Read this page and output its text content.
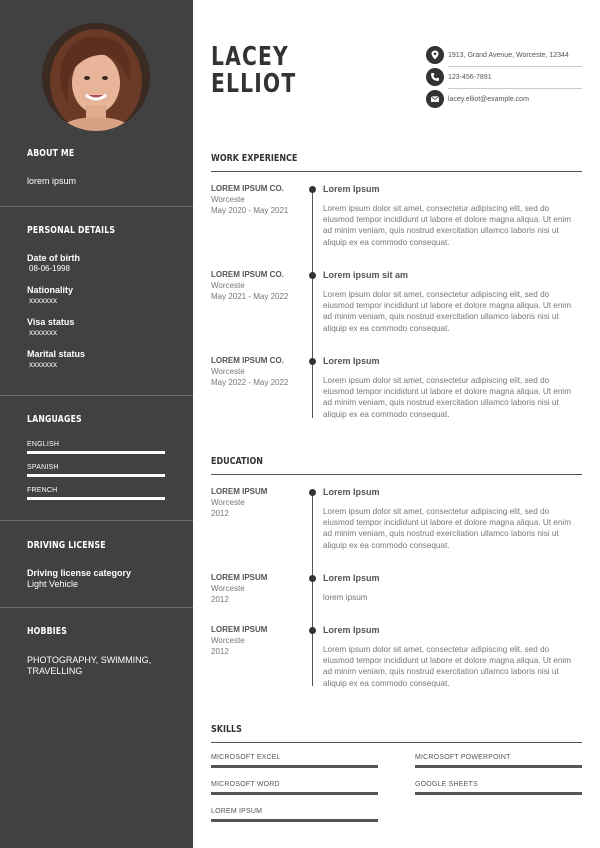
ABOUT ME
lorem ipsum
PERSONAL DETAILS
Date of birth
08-06-1998
Nationality
xxxxxxx
Visa status
xxxxxxx
Marital status
xxxxxxx
LANGUAGES
ENGLISH
SPANISH
FRENCH
DRIVING LICENSE
Driving license category
Light Vehicle
HOBBIES
PHOTOGRAPHY, SWIMMING, TRAVELLING
LACEY
ELLIOT
1913, Grand Avenue, Worceste, 12344
123-456-7891
lacey.elliot@example.com
WORK EXPERIENCE
LOREM IPSUM CO.
Worceste
May 2020 - May 2021
Lorem Ipsum
Lorem ipsum dolor sit amet, consectetur adipiscing elit, sed do eiusmod tempor incididunt ut labore et dolore magna aliqua. Ut enim ad minim veniam, quis nostrud exercitation ullamco laboris nisi ut aliquip ex ea commodo consequat.
LOREM IPSUM CO.
Worceste
May 2021 - May 2022
Lorem ipsum sit am
Lorem ipsum dolor sit amet, consectetur adipiscing elit, sed do eiusmod tempor incididunt ut labore et dolore magna aliqua. Ut enim ad minim veniam, quis nostrud exercitation ullamco laboris nisi ut aliquip ex ea commodo consequat.
LOREM IPSUM CO.
Worceste
May 2022 - May 2022
Lorem Ipsum
Lorem ipsum dolor sit amet, consectetur adipiscing elit, sed do eiusmod tempor incididunt ut labore et dolore magna aliqua. Ut enim ad minim veniam, quis nostrud exercitation ullamco laboris nisi ut aliquip ex ea commodo consequat.
EDUCATION
LOREM IPSUM
Worceste
2012
Lorem Ipsum
Lorem ipsum dolor sit amet, consectetur adipiscing elit, sed do eiusmod tempor incididunt ut labore et dolore magna aliqua. Ut enim ad minim veniam, quis nostrud exercitation ullamco laboris nisi ut aliquip ex ea commodo consequat.
LOREM IPSUM
Worceste
2012
Lorem Ipsum
lorem ipsum
LOREM IPSUM
Worceste
2012
Lorem Ipsum
Lorem ipsum dolor sit amet, consectetur adipiscing elit, sed do eiusmod tempor incididunt ut labore et dolore magna aliqua. Ut enim ad minim veniam, quis nostrud exercitation ullamco laboris nisi ut aliquip ex ea commodo consequat.
SKILLS
MICROSOFT EXCEL	MICROSOFT POWERPOINT
MICROSOFT WORD	GOOGLE SHEETS
LOREM IPSUM
